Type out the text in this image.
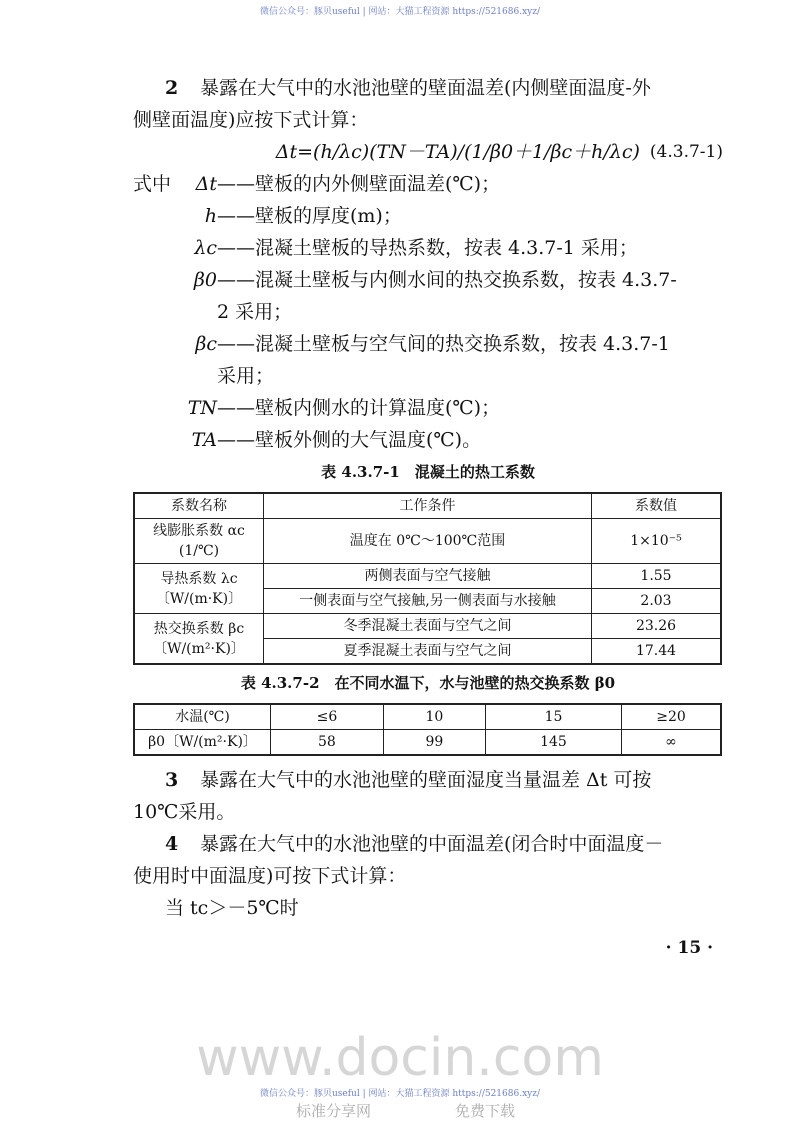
微信公众号：豚贝useful | 网站：大猫工程资源 https://521686.xyz/
2	暴露在大气中的水池池壁的壁面温差(内侧壁面温度-外
侧壁面温度)应按下式计算：
Δt=(h/λc)(TN－TA)/(1/β0＋1/βc＋h/λc) (4.3.7-1)
式中	Δt ——壁板的内外侧壁面温差(℃)；
h ——壁板的厚度(m)；
λc ——混凝土壁板的导热系数，按表 4.3.7-1 采用；
β0 ——混凝土壁板与内侧水间的热交换系数，按表 4.3.7-
2 采用；
βc ——混凝土壁板与空气间的热交换系数，按表 4.3.7-1
采用；
TN ——壁板内侧水的计算温度(℃)；
TA ——壁板外侧的大气温度(℃)。
表 4.3.7-1　混凝土的热工系数
系数名称	工作条件	系数值

线膨胀系数 αc
(1/℃)	温度在 0℃～100℃范围	1×10⁻⁵

导热系数 λc
〔W/(m·K)〕	两侧表面与空气接触	1.55
	一侧表面与空气接触,另一侧表面与水接触	2.03

热交换系数 βc
〔W/(m²·K)〕	冬季混凝土表面与空气之间	23.26
	夏季混凝土表面与空气之间	17.44
表 4.3.7-2　在不同水温下，水与池壁的热交换系数 β0
水温(℃)	≤6	10	15	≥20
β0〔W/(m²·K)〕	58	99	145	∞
3	暴露在大气中的水池池壁的壁面湿度当量温差 Δt 可按
10℃采用。
4	暴露在大气中的水池池壁的中面温差(闭合时中面温度－
使用时中面温度)可按下式计算：
当 tc＞－5℃时
· 15 ·
www.docin.com
微信公众号：豚贝useful | 网站：大猫工程资源 https://521686.xyz/
标准分享网	免费下载
